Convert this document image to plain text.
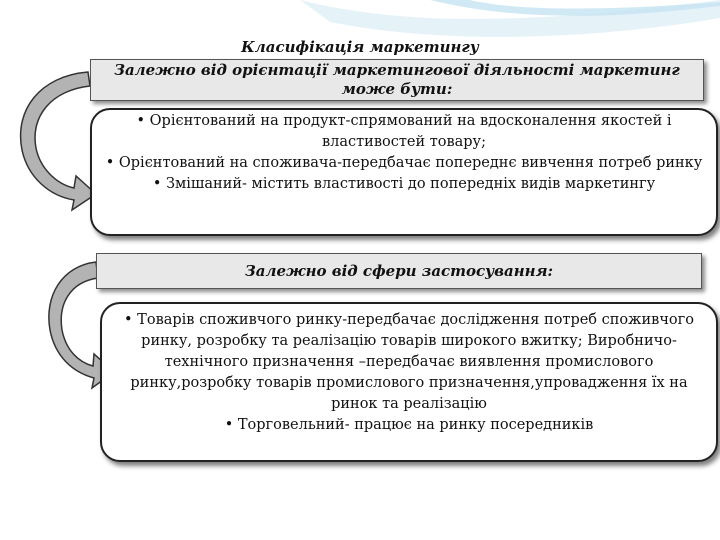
Класифікація маркетингу
Залежно від орієнтації маркетингової діяльності маркетинг може бути:
• Орієнтований на продукт-спрямований на вдосконалення якостей і властивостей товару;
• Орієнтований на споживача-передбачає попереднє вивчення потреб ринку
• Змішаний- містить властивості до попередніх видів маркетингу
Залежно від сфери застосування:
• Товарів споживчого ринку-передбачає дослідження потреб споживчого ринку, розробку та реалізацію товарів широкого вжитку; Виробничо-технічного призначення –передбачає виявлення промислового ринку,розробку товарів промислового призначення,упровадження їх на ринок та реалізацію
• Торговельний- працює на ринку посередників
